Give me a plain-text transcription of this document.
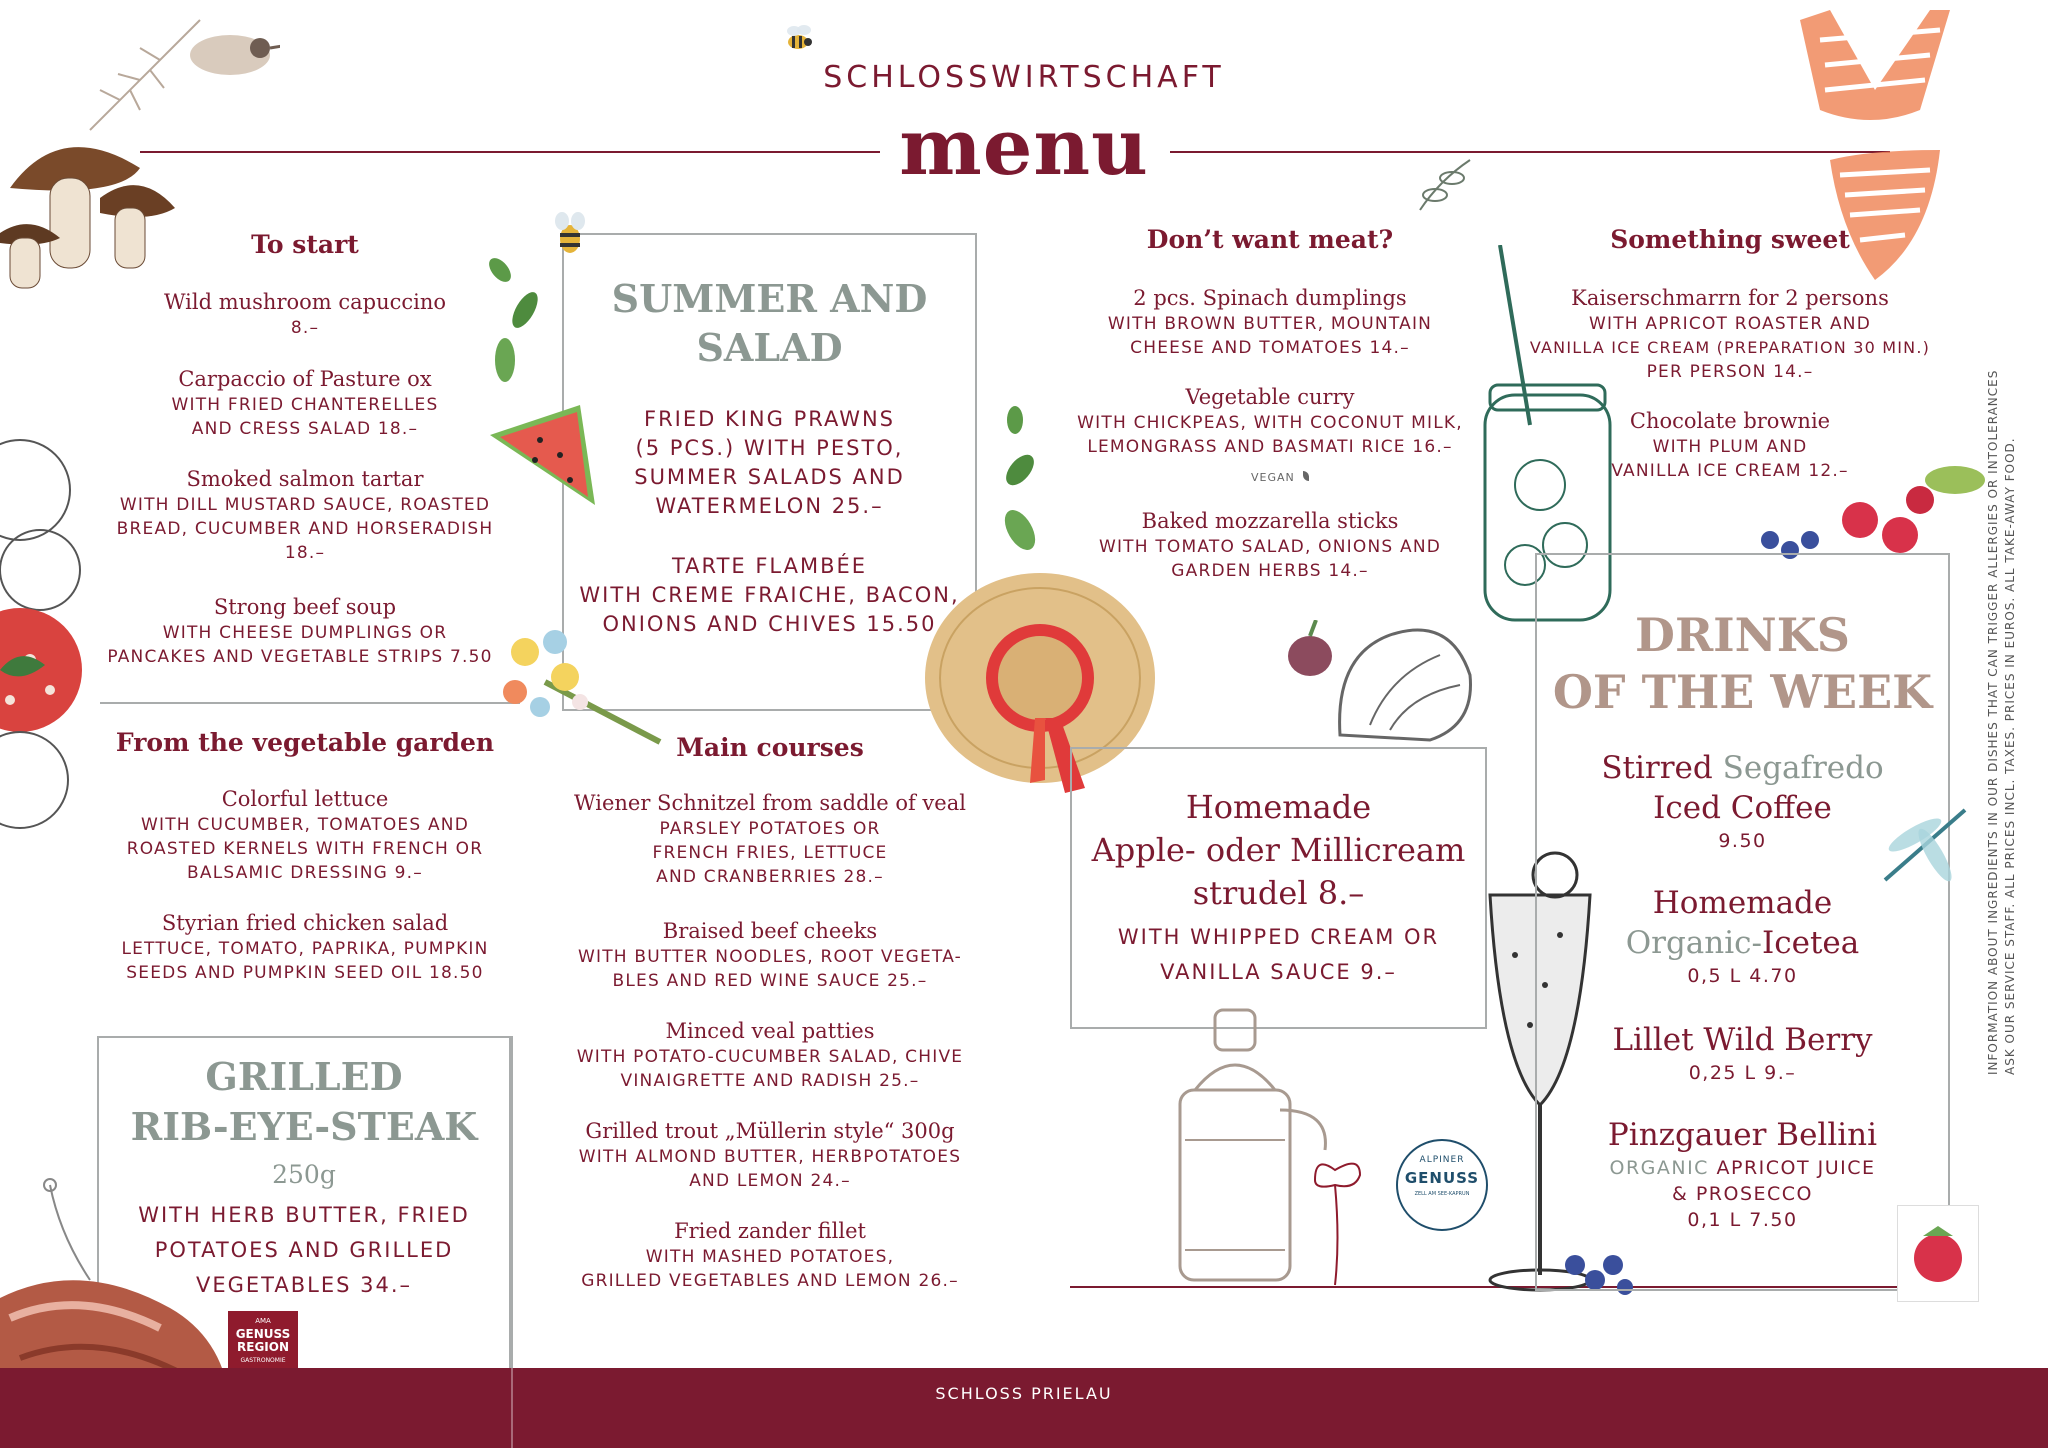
SCHLOSSWIRTSCHAFT
menu
To start
Wild mushroom capuccino
8.–
Carpaccio of Pasture ox
WITH FRIED CHANTERELLES
AND CRESS SALAD 18.–
Smoked salmon tartar
WITH DILL MUSTARD SAUCE, ROASTED
BREAD, CUCUMBER AND HORSERADISH
18.–
Strong beef soup
WITH CHEESE DUMPLINGS OR
PANCAKES AND VEGETABLE STRIPS 7.50
From the vegetable garden
Colorful lettuce
WITH CUCUMBER, TOMATOES AND
ROASTED KERNELS WITH FRENCH OR
BALSAMIC DRESSING 9.–
Styrian fried chicken salad
LETTUCE, TOMATO, PAPRIKA, PUMPKIN
SEEDS AND PUMPKIN SEED OIL 18.50
GRILLED
RIB-EYE-STEAK
250g
WITH HERB BUTTER, FRIED
POTATOES AND GRILLED
VEGETABLES 34.–
AMA
GENUSS
REGION
GASTRONOMIE
SUMMER AND
SALAD
FRIED KING PRAWNS
(5 PCS.) WITH PESTO,
SUMMER SALADS AND
WATERMELON 25.–
TARTE FLAMBÉE
WITH CREME FRAICHE, BACON,
ONIONS AND CHIVES 15.50
Main courses
Wiener Schnitzel from saddle of veal
PARSLEY POTATOES OR
FRENCH FRIES, LETTUCE
AND CRANBERRIES 28.–
Braised beef cheeks
WITH BUTTER NOODLES, ROOT VEGETA-
BLES AND RED WINE SAUCE 25.–
Minced veal patties
WITH POTATO-CUCUMBER SALAD, CHIVE
VINAIGRETTE AND RADISH 25.–
Grilled trout „Müllerin style“ 300g
WITH ALMOND BUTTER, HERBPOTATOES
AND LEMON 24.–
Fried zander fillet
WITH MASHED POTATOES,
GRILLED VEGETABLES AND LEMON 26.–
Don’t want meat?
2 pcs. Spinach dumplings
WITH BROWN BUTTER, MOUNTAIN
CHEESE AND TOMATOES 14.–
Vegetable curry
WITH CHICKPEAS, WITH COCONUT MILK,
LEMONGRASS AND BASMATI RICE 16.–
VEGAN
Baked mozzarella sticks
WITH TOMATO SALAD, ONIONS AND
GARDEN HERBS 14.–
Homemade
Apple- oder Millicream
strudel 8.–
WITH WHIPPED CREAM OR
VANILLA SAUCE 9.–
ALPINER
GENUSS
ZELL AM SEE-KAPRUN
Something sweet
Kaiserschmarrn for 2 persons
WITH APRICOT ROASTER AND
VANILLA ICE CREAM (PREPARATION 30 MIN.)
PER PERSON 14.–
Chocolate brownie
WITH PLUM AND
VANILLA ICE CREAM 12.–
DRINKS
OF THE WEEK
Stirred Segafredo
Iced Coffee
9.50
Homemade
Organic-Icetea
0,5 L 4.70
Lillet Wild Berry
0,25 L 9.–
Pinzgauer Bellini
ORGANIC APRICOT JUICE
& PROSECCO
0,1 L 7.50
INFORMATION ABOUT INGREDIENTS IN OUR DISHES THAT CAN TRIGGER ALLERGIES OR INTOLERANCES ASK OUR SERVICE STAFF. ALL PRICES INCL. TAXES. PRICES IN EUROS. ALL TAKE-AWAY FOOD.
SCHLOSS PRIELAU
